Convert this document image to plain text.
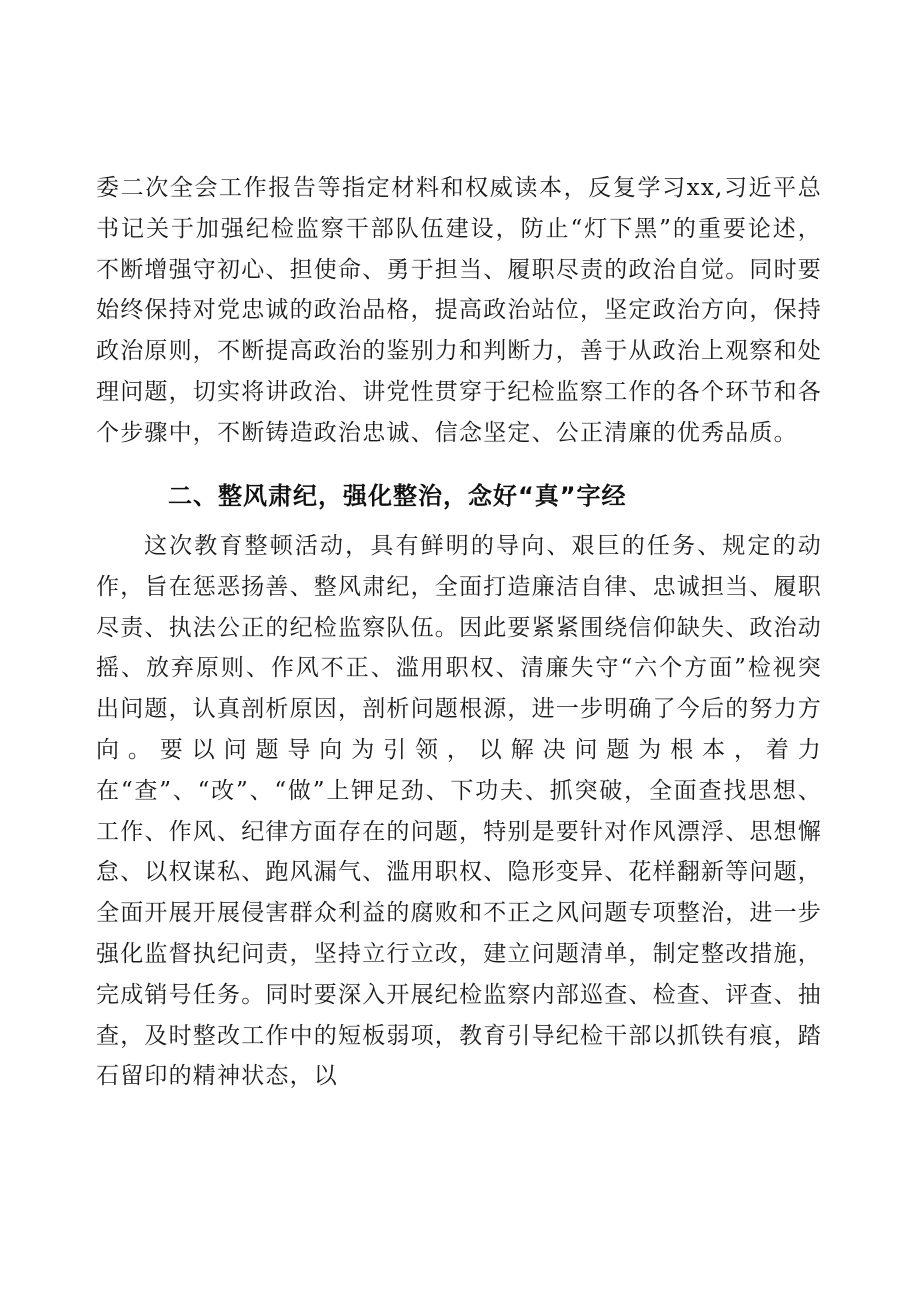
委二次全会工作报告等指定材料和权威读本，反复学习xx,习近平总书记关于加强纪检监察干部队伍建设，防止“灯下黑”的重要论述，不断增强守初心、担使命、勇于担当、履职尽责的政治自觉。同时要始终保持对党忠诚的政治品格，提高政治站位，坚定政治方向，保持政治原则，不断提高政治的鉴别力和判断力，善于从政治上观察和处理问题，切实将讲政治、讲党性贯穿于纪检监察工作的各个环节和各个步骤中，不断铸造政治忠诚、信念坚定、公正清廉的优秀品质。

二、整风肃纪，强化整治，念好“真”字经

这次教育整顿活动，具有鲜明的导向、艰巨的任务、规定的动作，旨在惩恶扬善、整风肃纪，全面打造廉洁自律、忠诚担当、履职尽责、执法公正的纪检监察队伍。因此要紧紧围绕信仰缺失、政治动摇、放弃原则、作风不正、滥用职权、清廉失守“六个方面”检视突出问题，认真剖析原因，剖析问题根源，进一步明确了今后的努力方向。要以问题导向为引领，以解决问题为根本，着力在“查”、“改”、“做”上钾足劲、下功夫、抓突破，全面查找思想、工作、作风、纪律方面存在的问题，特别是要针对作风漂浮、思想懈怠、以权谋私、跑风漏气、滥用职权、隐形变异、花样翻新等问题，全面开展开展侵害群众利益的腐败和不正之风问题专项整治，进一步强化监督执纪问责，坚持立行立改，建立问题清单，制定整改措施，完成销号任务。同时要深入开展纪检监察内部巡查、检查、评查、抽查，及时整改工作中的短板弱项，教育引导纪检干部以抓铁有痕，踏石留印的精神状态，以
